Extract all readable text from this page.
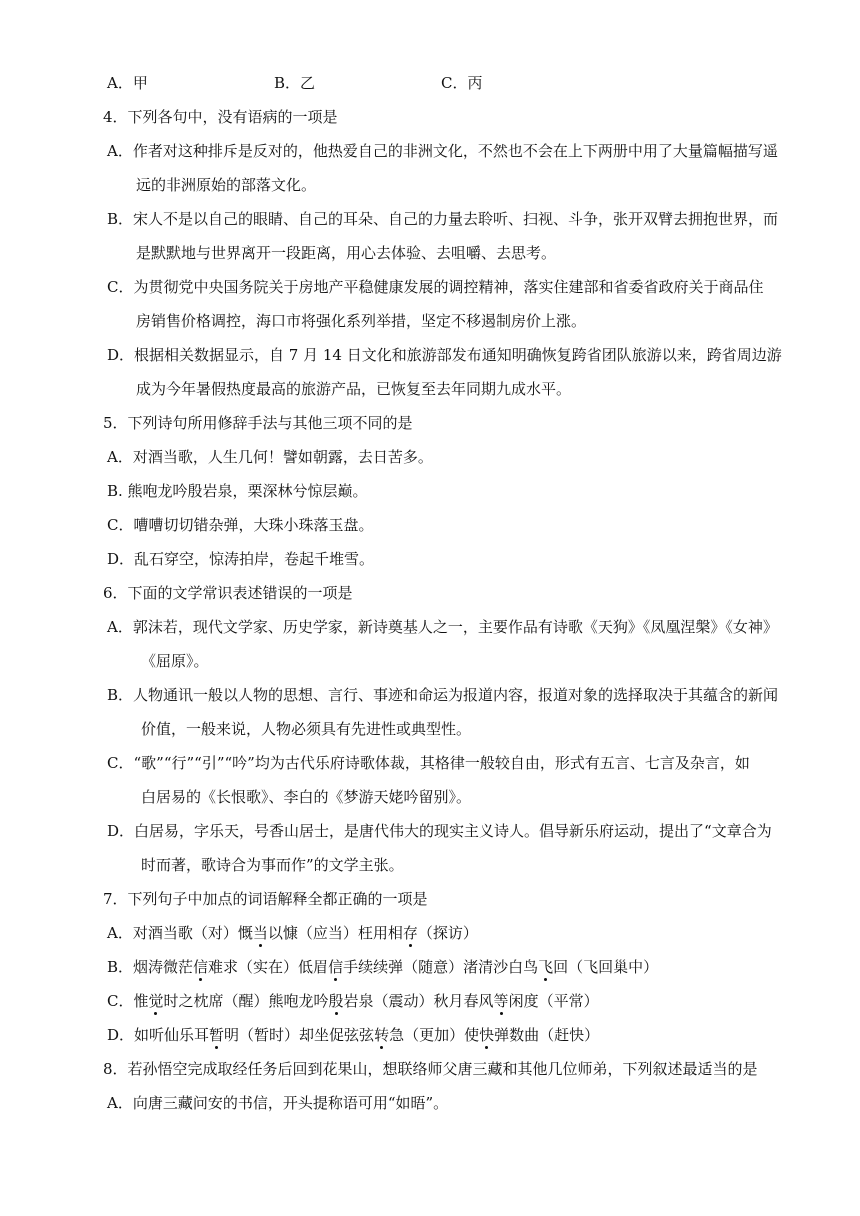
A．甲	B．乙	C．丙
4．下列各句中，没有语病的一项是
A．作者对这种排斥是反对的，他热爱自己的非洲文化，不然也不会在上下两册中用了大量篇幅描写遥
远的非洲原始的部落文化。
B．宋人不是以自己的眼睛、自己的耳朵、自己的力量去聆听、扫视、斗争，张开双臂去拥抱世界，而
是默默地与世界离开一段距离，用心去体验、去咀嚼、去思考。
C．为贯彻党中央国务院关于房地产平稳健康发展的调控精神，落实住建部和省委省政府关于商品住
房销售价格调控，海口市将强化系列举措，坚定不移遏制房价上涨。
D．根据相关数据显示，自 7 月 14 日文化和旅游部发布通知明确恢复跨省团队旅游以来，跨省周边游
成为今年暑假热度最高的旅游产品，已恢复至去年同期九成水平。
5．下列诗句所用修辞手法与其他三项不同的是
A．对酒当歌，人生几何！譬如朝露，去日苦多。
B. 熊咆龙吟殷岩泉，栗深林兮惊层巅。
C．嘈嘈切切错杂弹，大珠小珠落玉盘。
D．乱石穿空，惊涛拍岸，卷起千堆雪。
6．下面的文学常识表述错误的一项是
A．郭沫若，现代文学家、历史学家，新诗奠基人之一，主要作品有诗歌《天狗》《凤凰涅槃》《女神》
《屈原》。
B．人物通讯一般以人物的思想、言行、事迹和命运为报道内容，报道对象的选择取决于其蕴含的新闻
价值，一般来说，人物必须具有先进性或典型性。
C．“歌”“行”“引”“吟”均为古代乐府诗歌体裁，其格律一般较自由，形式有五言、七言及杂言，如
白居易的《长恨歌》、李白的《梦游天姥吟留别》。
D．白居易，字乐天，号香山居士，是唐代伟大的现实主义诗人。倡导新乐府运动，提出了“文章合为
时而著，歌诗合为事而作”的文学主张。
7．下列句子中加点的词语解释全都正确的一项是
A．对酒当歌（对）慨当以慷（应当）枉用相存（探访）
B．烟涛微茫信难求（实在）低眉信手续续弹（随意）渚清沙白鸟飞回（飞回巢中）
C．惟觉时之枕席（醒）熊咆龙吟殷岩泉（震动）秋月春风等闲度（平常）
D．如听仙乐耳暂明（暂时）却坐促弦弦转急（更加）使快弹数曲（赶快）
8．若孙悟空完成取经任务后回到花果山，想联络师父唐三藏和其他几位师弟，下列叙述最适当的是
A．向唐三藏问安的书信，开头提称语可用“如晤”。
